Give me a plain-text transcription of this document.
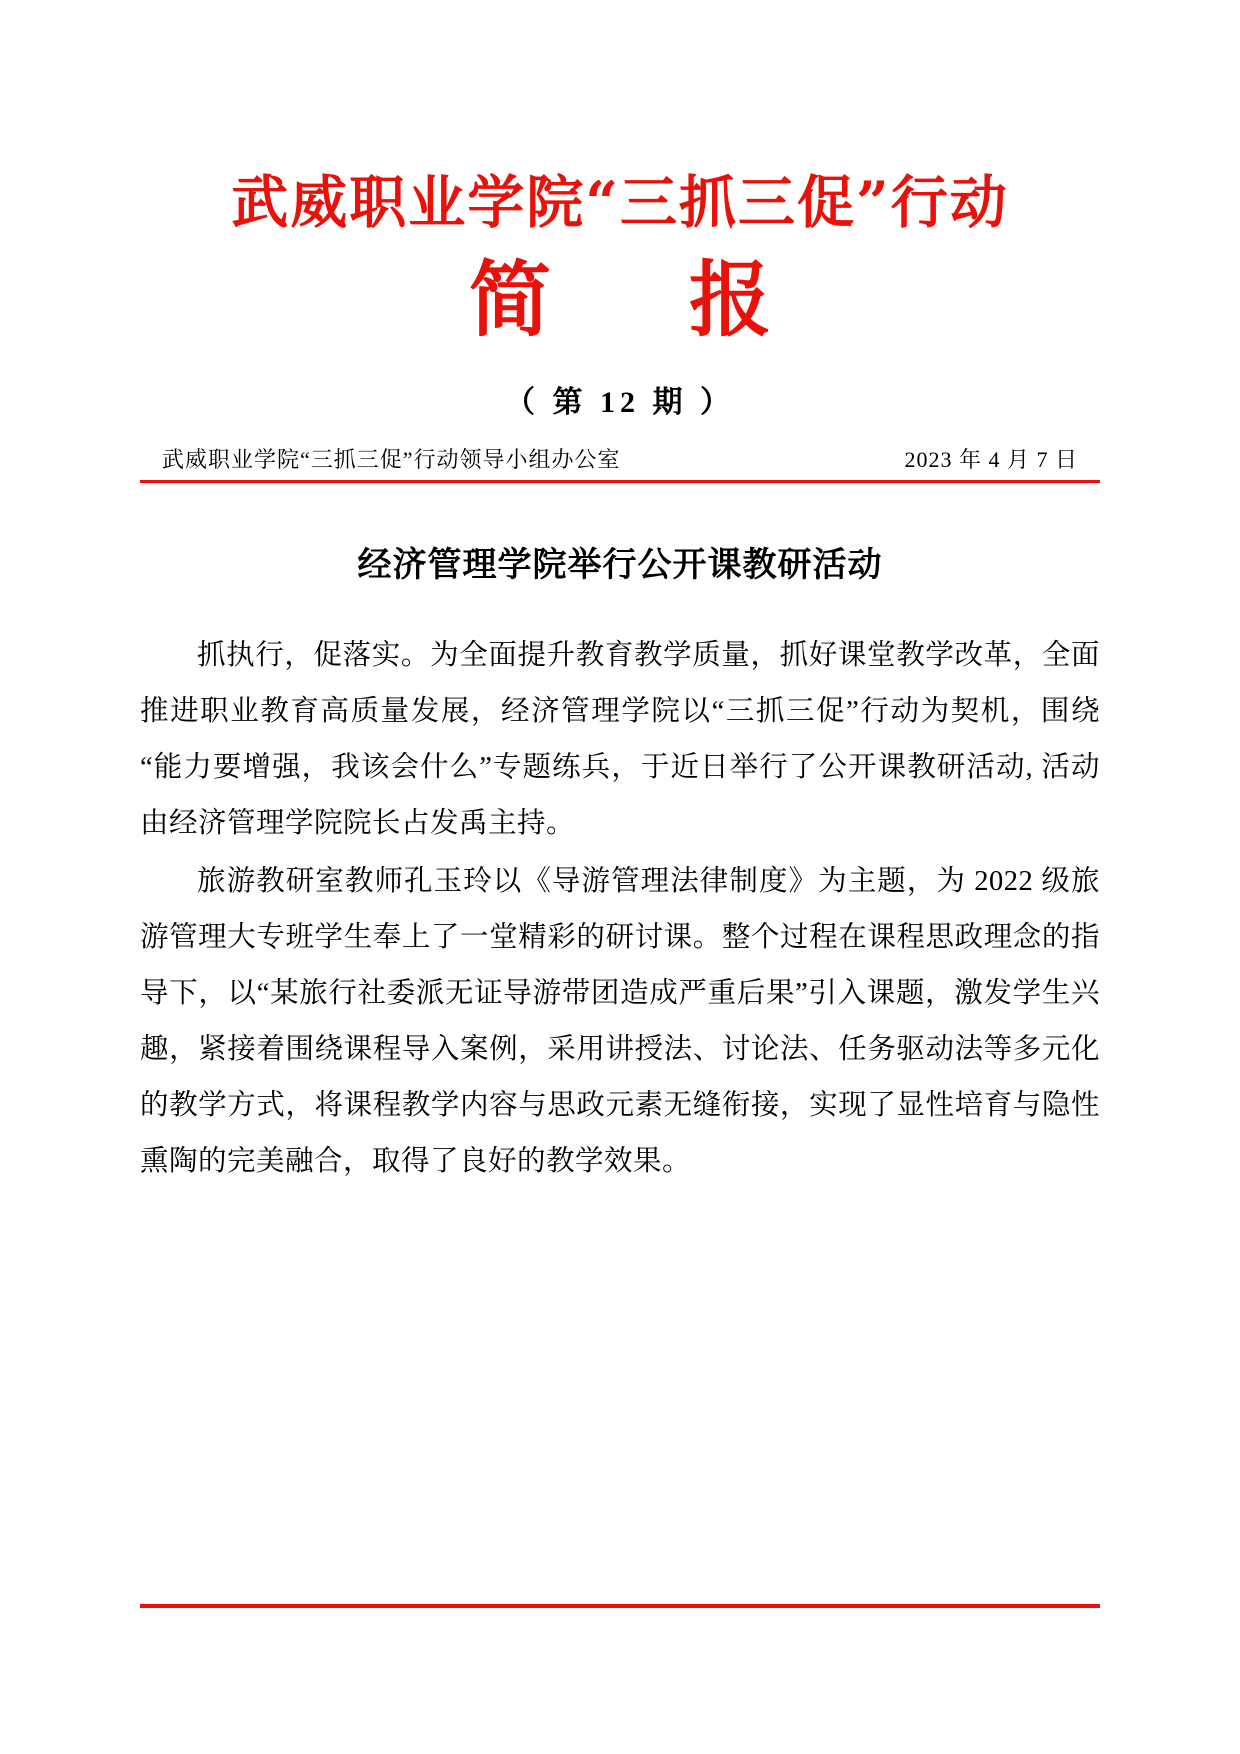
武威职业学院“三抓三促”行动
简　报
（ 第 12 期 ）
武威职业学院“三抓三促”行动领导小组办公室	2023 年 4 月 7 日
经济管理学院举行公开课教研活动

抓执行，促落实。为全面提升教育教学质量，抓好课堂教学改革，全面推进职业教育高质量发展，经济管理学院以“三抓三促”行动为契机，围绕“能力要增强，我该会什么”专题练兵，于近日举行了公开课教研活动, 活动由经济管理学院院长占发禹主持。

旅游教研室教师孔玉玲以《导游管理法律制度》为主题，为 2022 级旅游管理大专班学生奉上了一堂精彩的研讨课。整个过程在课程思政理念的指导下，以“某旅行社委派无证导游带团造成严重后果”引入课题，激发学生兴趣，紧接着围绕课程导入案例，采用讲授法、讨论法、任务驱动法等多元化的教学方式，将课程教学内容与思政元素无缝衔接，实现了显性培育与隐性熏陶的完美融合，取得了良好的教学效果。
